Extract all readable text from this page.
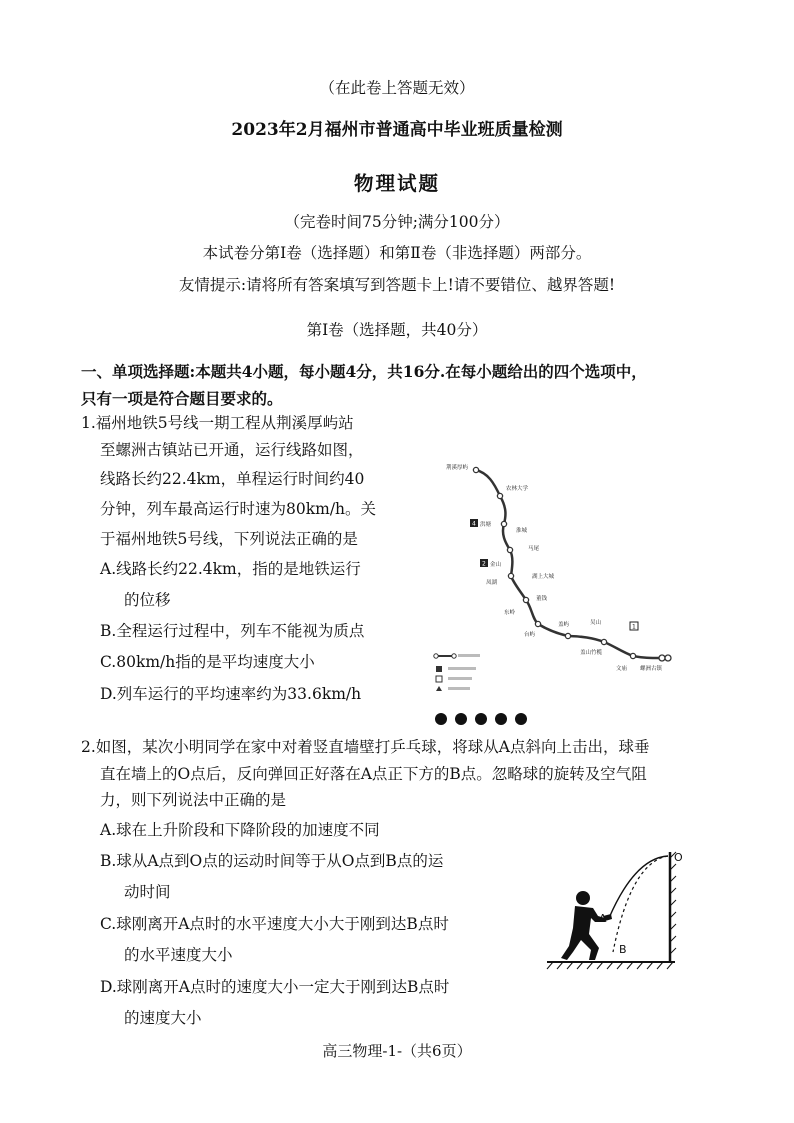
（在此卷上答题无效）
2023年2月福州市普通高中毕业班质量检测
物理试题
（完卷时间75分钟;满分100分）
本试卷分第Ⅰ卷（选择题）和第Ⅱ卷（非选择题）两部分。
友情提示:请将所有答案填写到答题卡上!请不要错位、越界答题!
第Ⅰ卷（选择题，共40分）
一、单项选择题:本题共4小题，每小题4分，共16分.在每小题给出的四个选项中，
只有一项是符合题目要求的。
1.福州地铁5号线一期工程从荆溪厚屿站
至螺洲古镇站已开通，运行线路如图，
线路长约22.4km，单程运行时间约40
分钟，列车最高运行时速为80km/h。关
于福州地铁5号线，下列说法正确的是
A.线路长约22.4km，指的是地铁运行
的位移
B.全程运行过程中，列车不能视为质点
C.80km/h指的是平均速度大小
D.列车运行的平均速率约为33.6km/h
荆溪厚屿
农林大学
洪塘
淮城
马尾
金山
凤湖
湖上大城
董钱
东岭
台屿
盖屿	吴山
盖山竹榄
文庙 螺洲古镇
4
2
1
2.如图，某次小明同学在家中对着竖直墙壁打乒乓球，将球从A点斜向上击出，球垂
直在墙上的O点后，反向弹回正好落在A点正下方的B点。忽略球的旋转及空气阻
力，则下列说法中正确的是
A.球在上升阶段和下降阶段的加速度不同
B.球从A点到O点的运动时间等于从O点到B点的运
动时间
C.球刚离开A点时的水平速度大小大于刚到达B点时
的水平速度大小
D.球刚离开A点时的速度大小一定大于刚到达B点时
的速度大小
A
B
O
高三物理-1-（共6页）
